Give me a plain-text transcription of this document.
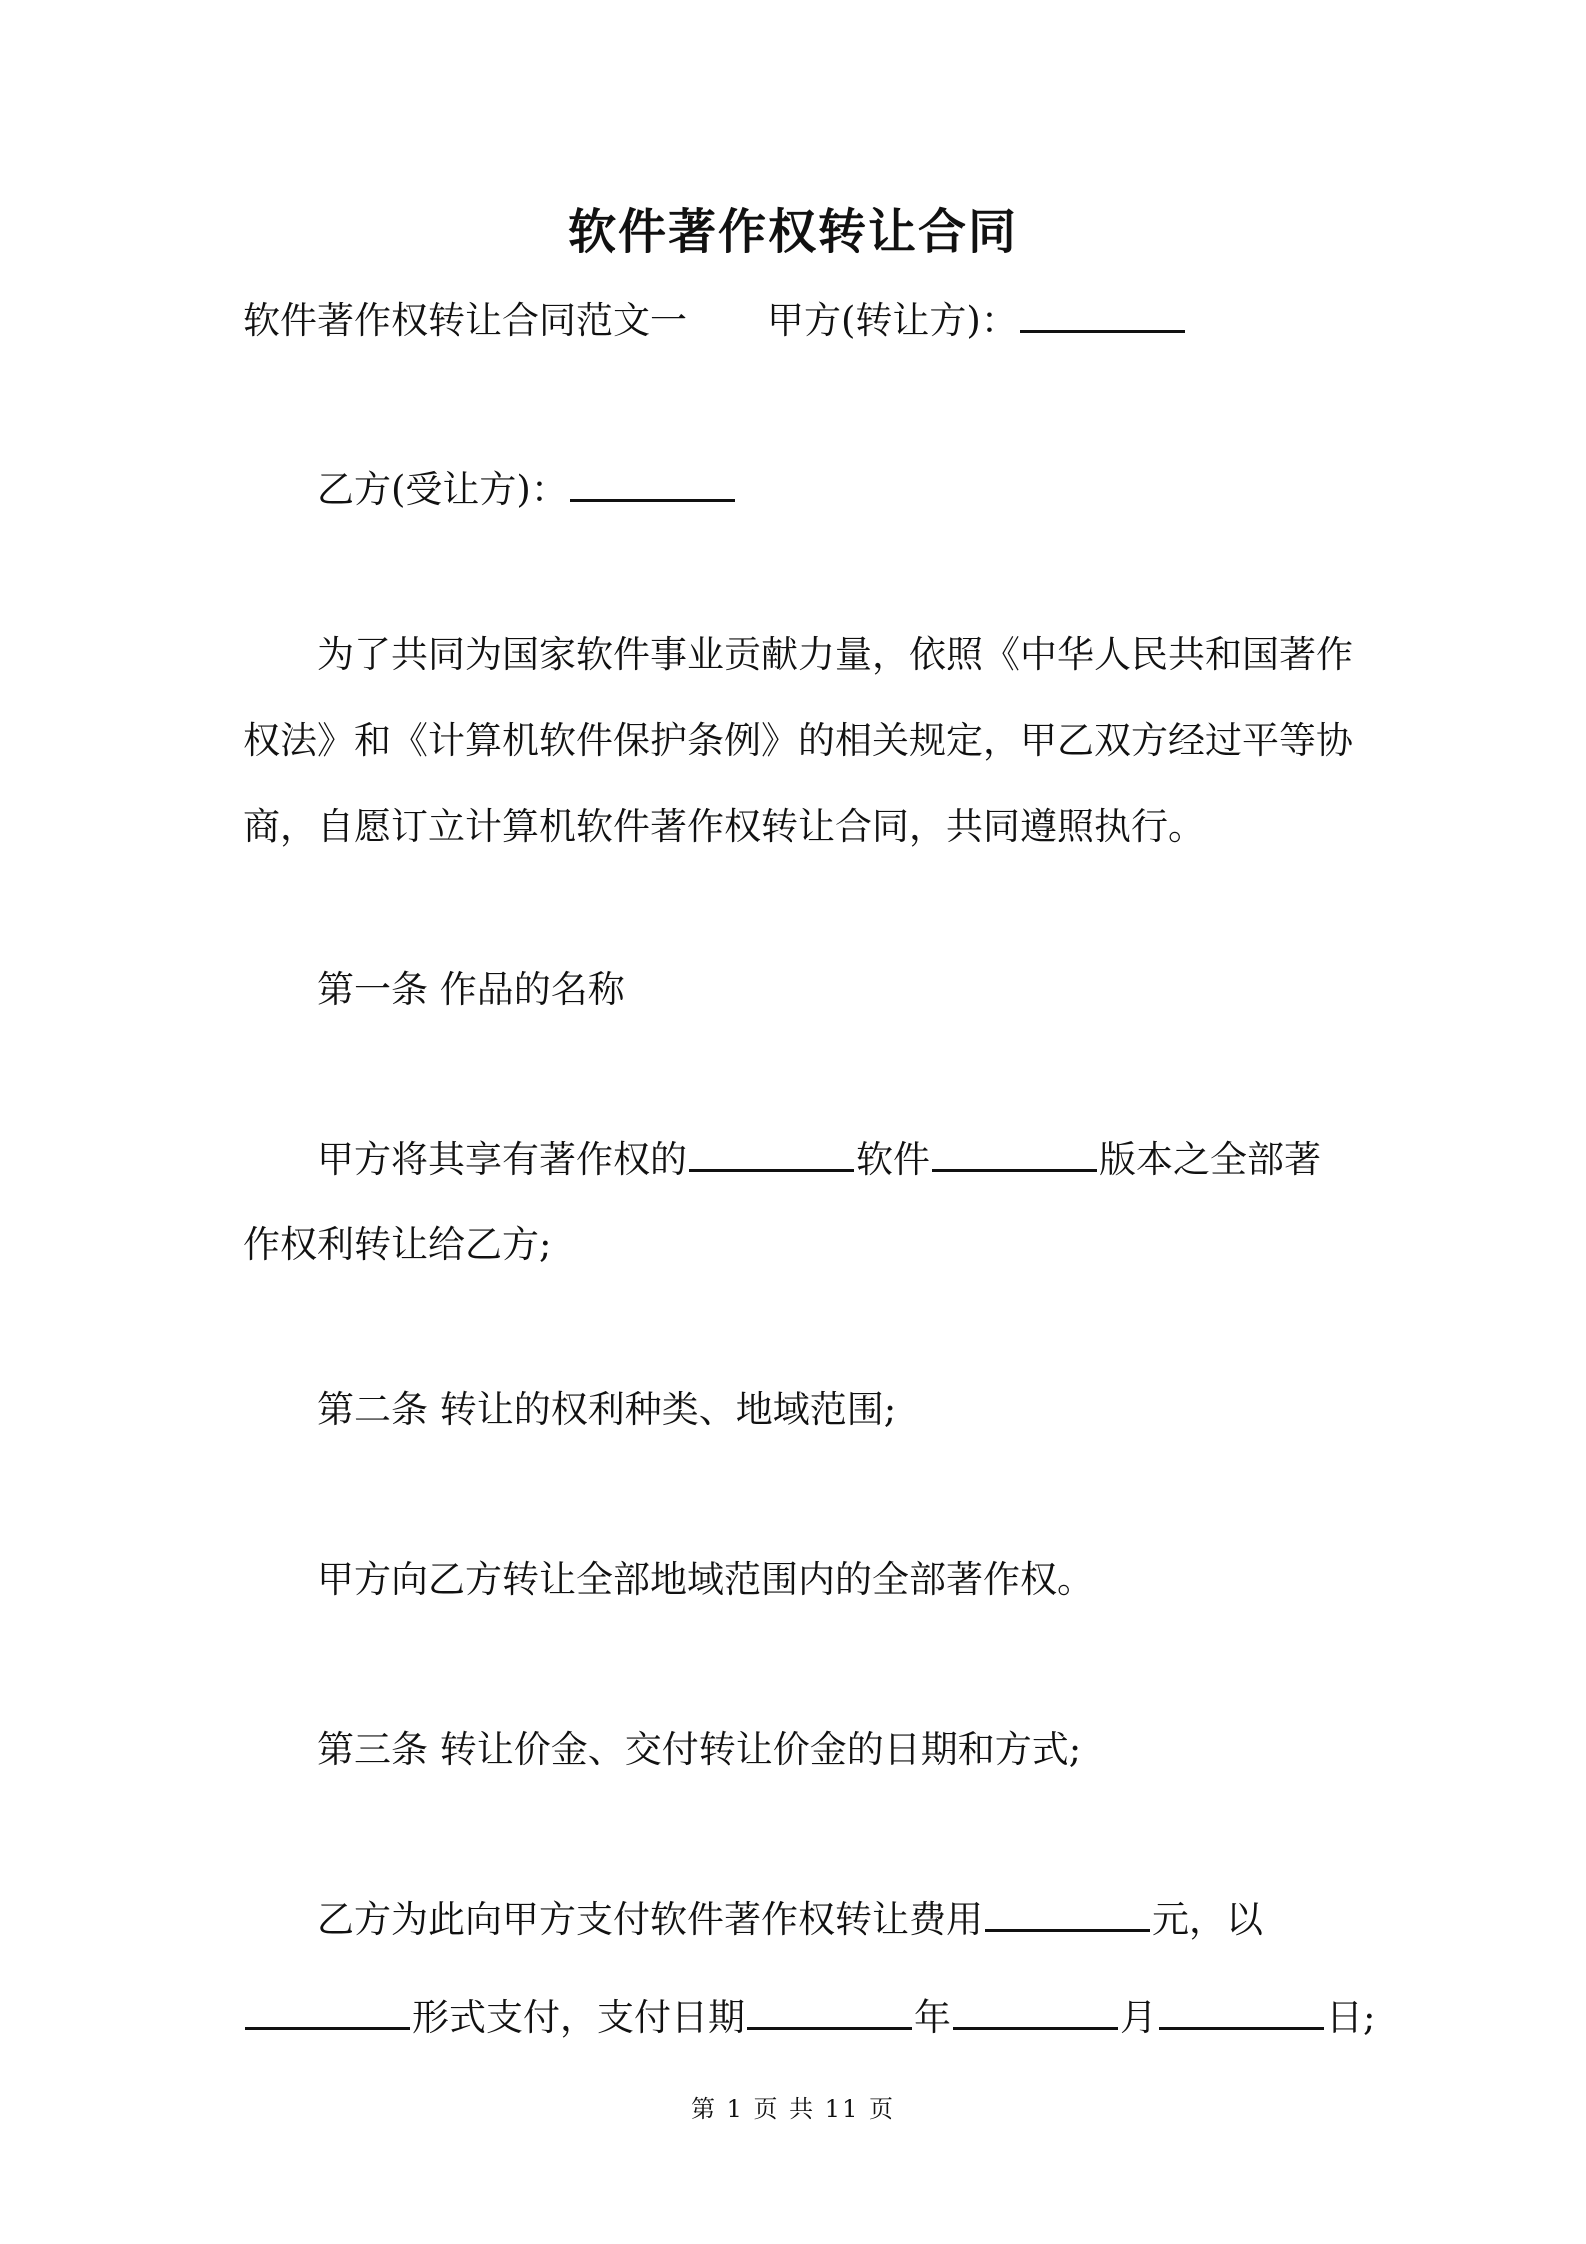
软件著作权转让合同
软件著作权转让合同范文一 甲方(转让方)：
乙方(受让方)：
为了共同为国家软件事业贡献力量，依照《中华人民共和国著作权法》和《计算机软件保护条例》的相关规定，甲乙双方经过平等协商，自愿订立计算机软件著作权转让合同，共同遵照执行。
第一条 作品的名称
甲方将其享有著作权的	软件	版本之全部著
作权利转让给乙方;
第二条 转让的权利种类、地域范围;
甲方向乙方转让全部地域范围内的全部著作权。
第三条 转让价金、交付转让价金的日期和方式;
乙方为此向甲方支付软件著作权转让费用	元，以
形式支付，支付日期	年	月	日;
第 1 页 共 11 页
